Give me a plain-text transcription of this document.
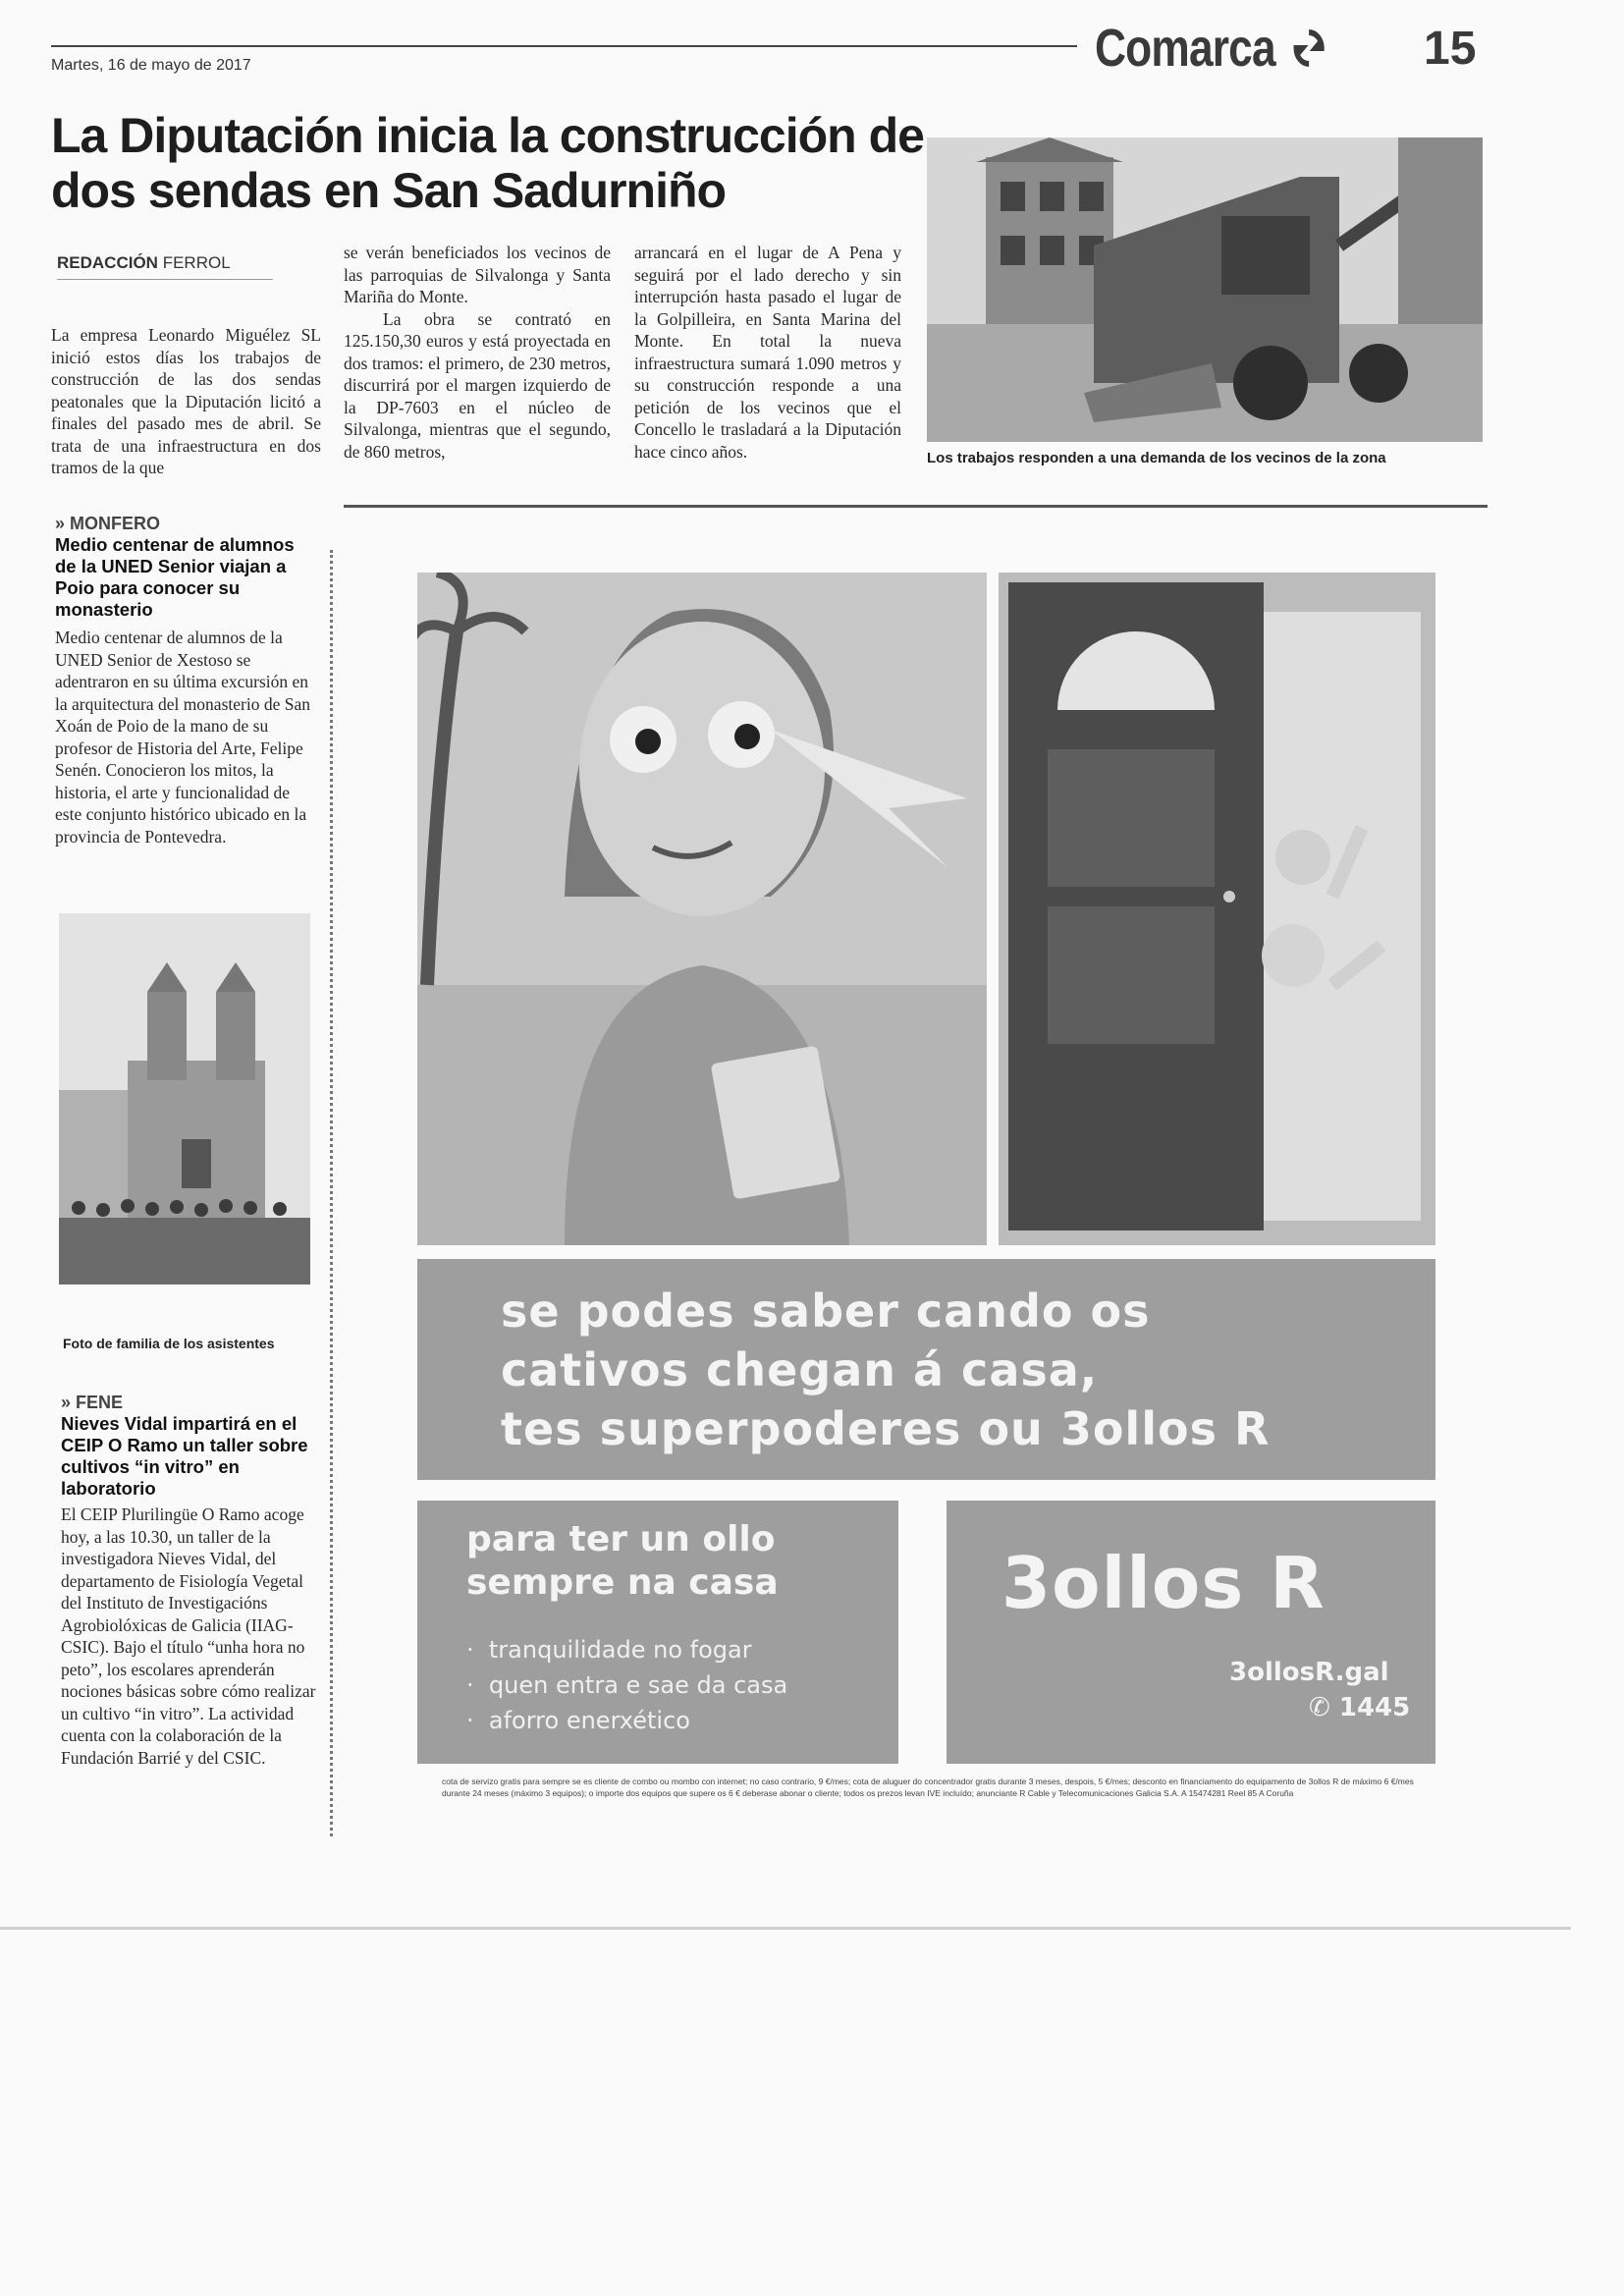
Martes, 16 de mayo de 2017	Comarca	15
La Diputación inicia la construcción de dos sendas en San Sadurniño
REDACCIÓN FERROL

La empresa Leonardo Miguélez SL inició estos días los trabajos de construcción de las dos sendas peatonales que la Diputación licitó a finales del pasado mes de abril. Se trata de una infraestructura en dos tramos de la que

se verán beneficiados los vecinos de las parroquias de Silvalonga y Santa Mariña do Monte.

La obra se contrató en 125.150,30 euros y está proyectada en dos tramos: el primero, de 230 metros, discurrirá por el margen izquierdo de la DP-7603 en el núcleo de Silvalonga, mientras que el segundo, de 860 metros,

arrancará en el lugar de A Pena y seguirá por el lado derecho y sin interrupción hasta pasado el lugar de la Golpilleira, en Santa Marina del Monte. En total la nueva infraestructura sumará 1.090 metros y su construcción responde a una petición de los vecinos que el Concello le trasladará a la Diputación hace cinco años.	Los trabajos responden a una demanda de los vecinos de la zona
» MONFERO
Medio centenar de alumnos de la UNED Senior viajan a Poio para conocer su monasterio
Medio centenar de alumnos de la UNED Senior de Xestoso se adentraron en su última excursión en la arquitectura del monasterio de San Xoán de Poio de la mano de su profesor de Historia del Arte, Felipe Senén. Conocieron los mitos, la historia, el arte y funcionalidad de este conjunto histórico ubicado en la provincia de Pontevedra.
Foto de familia de los asistentes
» FENE
Nieves Vidal impartirá en el CEIP O Ramo un taller sobre cultivos “in vitro” en laboratorio
El CEIP Plurilingüe O Ramo acoge hoy, a las 10.30, un taller de la investigadora Nieves Vidal, del departamento de Fisiología Vegetal del Instituto de Investigacións Agrobiolóxicas de Galicia (IIAG-CSIC). Bajo el título “unha hora no peto”, los escolares aprenderán nociones básicas sobre cómo realizar un cultivo “in vitro”. La actividad cuenta con la colaboración de la Fundación Barrié y del CSIC.
se podes saber cando os
cativos chegan á casa,
tes superpoderes ou 3ollos R
para ter un ollo
sempre na casa
·  tranquilidade no fogar
·  quen entra e sae da casa
·  aforro enerxético
3ollos R
3ollosR.gal
✆ 1445
cota de servizo gratis para sempre se es cliente de combo ou mombo con internet; no caso contrario, 9 €/mes; cota de aluguer do concentrador gratis durante 3 meses, despois, 5 €/mes; desconto en financiamento do equipamento de 3ollos R de máximo 6 €/mes durante 24 meses (máximo 3 equipos); o importe dos equipos que supere os 6 € deberase abonar o cliente; todos os prezos levan IVE incluído; anunciante R Cable y Telecomunicaciones Galicia S.A. A 15474281 Reel 85 A Coruña
